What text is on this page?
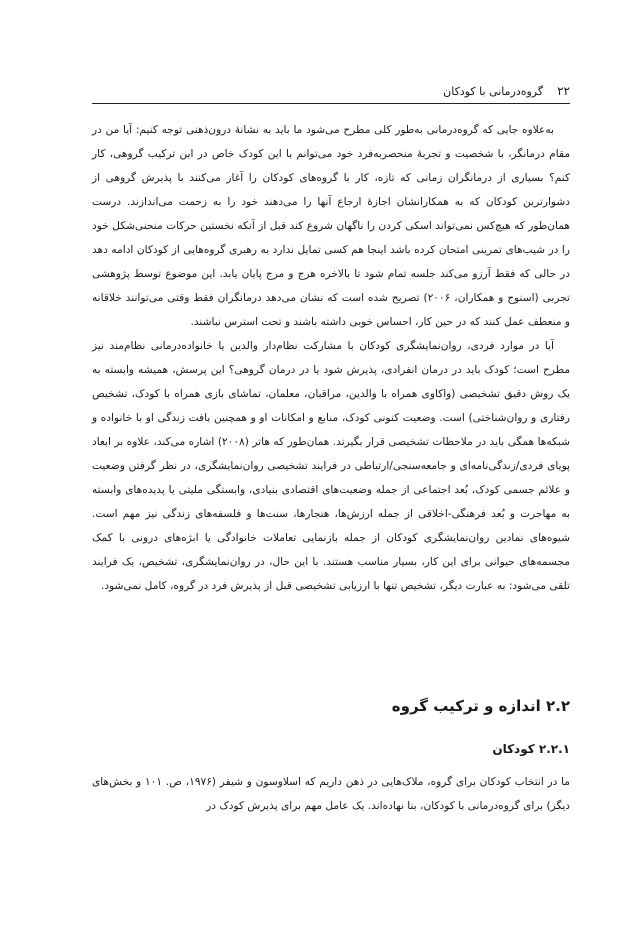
۲۲
گروه‌درمانی با کودکان

به‌علاوه جایی که گروه‌درمانی به‌طور کلی مطرح می‌شود ما باید به نشانهٔ درون‌ذهنی توجه کنیم: آیا من در مقام درمانگر، با شخصیت و تجربهٔ منحصربه‌فرد خود می‌توانم با این کودک خاص در این ترکیب گروهی، کار کنم؟ بسیاری از درمانگران زمانی که تازه، کار با گروه‌های کودکان را آغاز می‌کنند با پذیرش گروهی از دشوارترین کودکان که به همکارانشان اجازهٔ ارجاع آنها را می‌دهند خود را به زحمت می‌اندازند. درست همان‌طور که هیچ‌کس نمی‌تواند اسکی کردن را ناگهان شروع کند قبل از آنکه نخستین حرکات منحنی‌شکل خود را در شیب‌های تمرینی امتحان کرده باشد اینجا هم کسی تمایل ندارد به رهبری گروه‌هایی از کودکان ادامه دهد در حالی که فقط آرزو می‌کند جلسه تمام شود تا بالاخره هرج و مرج پایان یابد. این موضوع توسط پژوهشی تجربی (اسنوج و همکاران، ۲۰۰۶) تصریح شده است که نشان می‌دهد درمانگران فقط وقتی می‌توانند خلاقانه و منعطف عمل کنند که در حین کار، احساس خوبی داشته باشند و تحت استرس نباشند.

آیا در موارد فردی، روان‌نمایشگری کودکان با مشارکت نظام‌دار والدین یا خانواده‌درمانی نظام‌مند نیز مطرح است؛ کودک باید در درمان انفرادی، پذیرش شود یا در درمان گروهی؟ این پرسش، همیشه وابسته به یک روش دقیق تشخیصی (واکاوی همراه با والدین، مراقبان، معلمان، تماشای بازی همراه با کودک، تشخیص رفتاری و روان‌شناختی) است. وضعیت کنونی کودک، منابع و امکانات او و همچنین بافت زندگی او با خانواده و شبکه‌ها همگی باید در ملاحظات تشخیصی قرار بگیرند. همان‌طور که هاتر (۲۰۰۸) اشاره می‌کند، علاوه بر ابعاد پویای فردی/زندگی‌نامه‌ای و جامعه‌سنجی/ارتباطی در فرایند تشخیصی روان‌نمایشگری، در نظر گرفتن وضعیت و علائم جسمی کودک، بُعد اجتماعی از جمله وضعیت‌های اقتصادی بنیادی، وابستگی ملیتی یا پدیده‌های وابسته به مهاجرت و بُعد فرهنگی-اخلاقی از جمله ارزش‌ها، هنجارها، سنت‌ها و فلسفه‌های زندگی نیز مهم است. شیوه‌های نمادین روان‌نمایشگری کودکان از جمله بازنمایی تعاملات خانوادگی یا ابژه‌های درونی با کمک مجسمه‌های حیوانی برای این کار، بسیار مناسب هستند. با این حال، در روان‌نمایشگری، تشخیص، یک فرایند تلقی می‌شود: به عبارت دیگر، تشخیص تنها با ارزیابی تشخیصی قبل از پذیرش فرد در گروه، کامل نمی‌شود.

۲.۲ اندازه و ترکیب گروه
۲.۲.۱ کودکان

ما در انتخاب کودکان برای گروه، ملاک‌هایی در ذهن داریم که اسلاوسون و شیفر (۱۹۷۶، ص. ۱۰۱ و بخش‌های دیگر) برای گروه‌درمانی با کودکان، بنا نهاده‌اند. یک عامل مهم برای پذیرش کودک در
